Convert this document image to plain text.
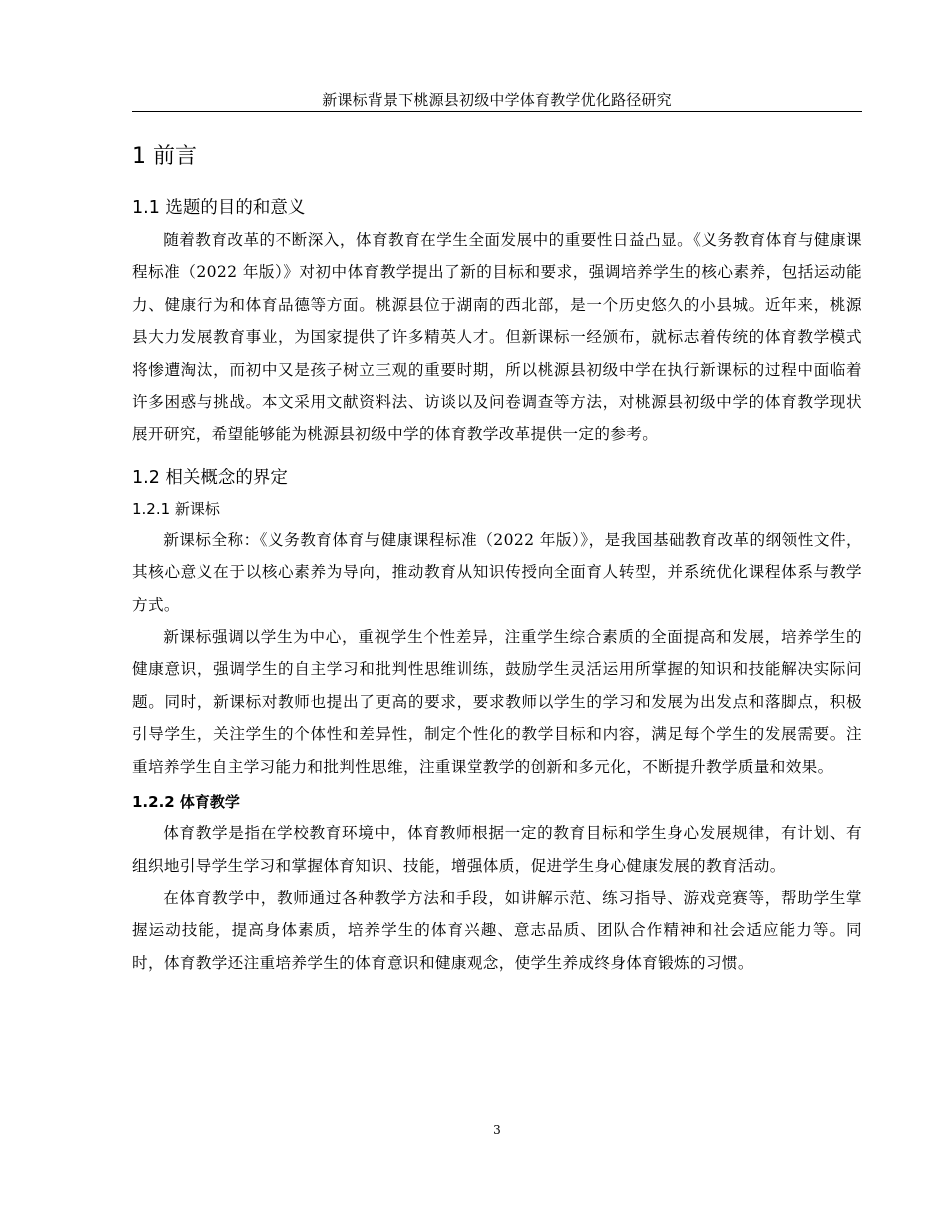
新课标背景下桃源县初级中学体育教学优化路径研究
1 前言
1.1 选题的目的和意义

随着教育改革的不断深入，体育教育在学生全面发展中的重要性日益凸显。《义务教育体育与健康课程标准（2022 年版）》对初中体育教学提出了新的目标和要求，强调培养学生的核心素养，包括运动能力、健康行为和体育品德等方面。桃源县位于湖南的西北部，是一个历史悠久的小县城。近年来，桃源县大力发展教育事业，为国家提供了许多精英人才。但新课标一经颁布，就标志着传统的体育教学模式将惨遭淘汰，而初中又是孩子树立三观的重要时期，所以桃源县初级中学在执行新课标的过程中面临着许多困惑与挑战。本文采用文献资料法、访谈以及问卷调查等方法，对桃源县初级中学的体育教学现状展开研究，希望能够能为桃源县初级中学的体育教学改革提供一定的参考。

1.2 相关概念的界定
1.2.1 新课标

新课标全称：《义务教育体育与健康课程标准（2022 年版）》，是我国基础教育改革的纲领性文件，其核心意义在于以核心素养为导向，推动教育从知识传授向全面育人转型，并系统优化课程体系与教学方式。

新课标强调以学生为中心，重视学生个性差异，注重学生综合素质的全面提高和发展，培养学生的健康意识，强调学生的自主学习和批判性思维训练，鼓励学生灵活运用所掌握的知识和技能解决实际问题。同时，新课标对教师也提出了更高的要求，要求教师以学生的学习和发展为出发点和落脚点，积极引导学生，关注学生的个体性和差异性，制定个性化的教学目标和内容，满足每个学生的发展需要。注重培养学生自主学习能力和批判性思维，注重课堂教学的创新和多元化，不断提升教学质量和效果。

1.2.2 体育教学

体育教学是指在学校教育环境中，体育教师根据一定的教育目标和学生身心发展规律，有计划、有组织地引导学生学习和掌握体育知识、技能，增强体质，促进学生身心健康发展的教育活动。

在体育教学中，教师通过各种教学方法和手段，如讲解示范、练习指导、游戏竞赛等，帮助学生掌握运动技能，提高身体素质，培养学生的体育兴趣、意志品质、团队合作精神和社会适应能力等。同时，体育教学还注重培养学生的体育意识和健康观念，使学生养成终身体育锻炼的习惯。

3
